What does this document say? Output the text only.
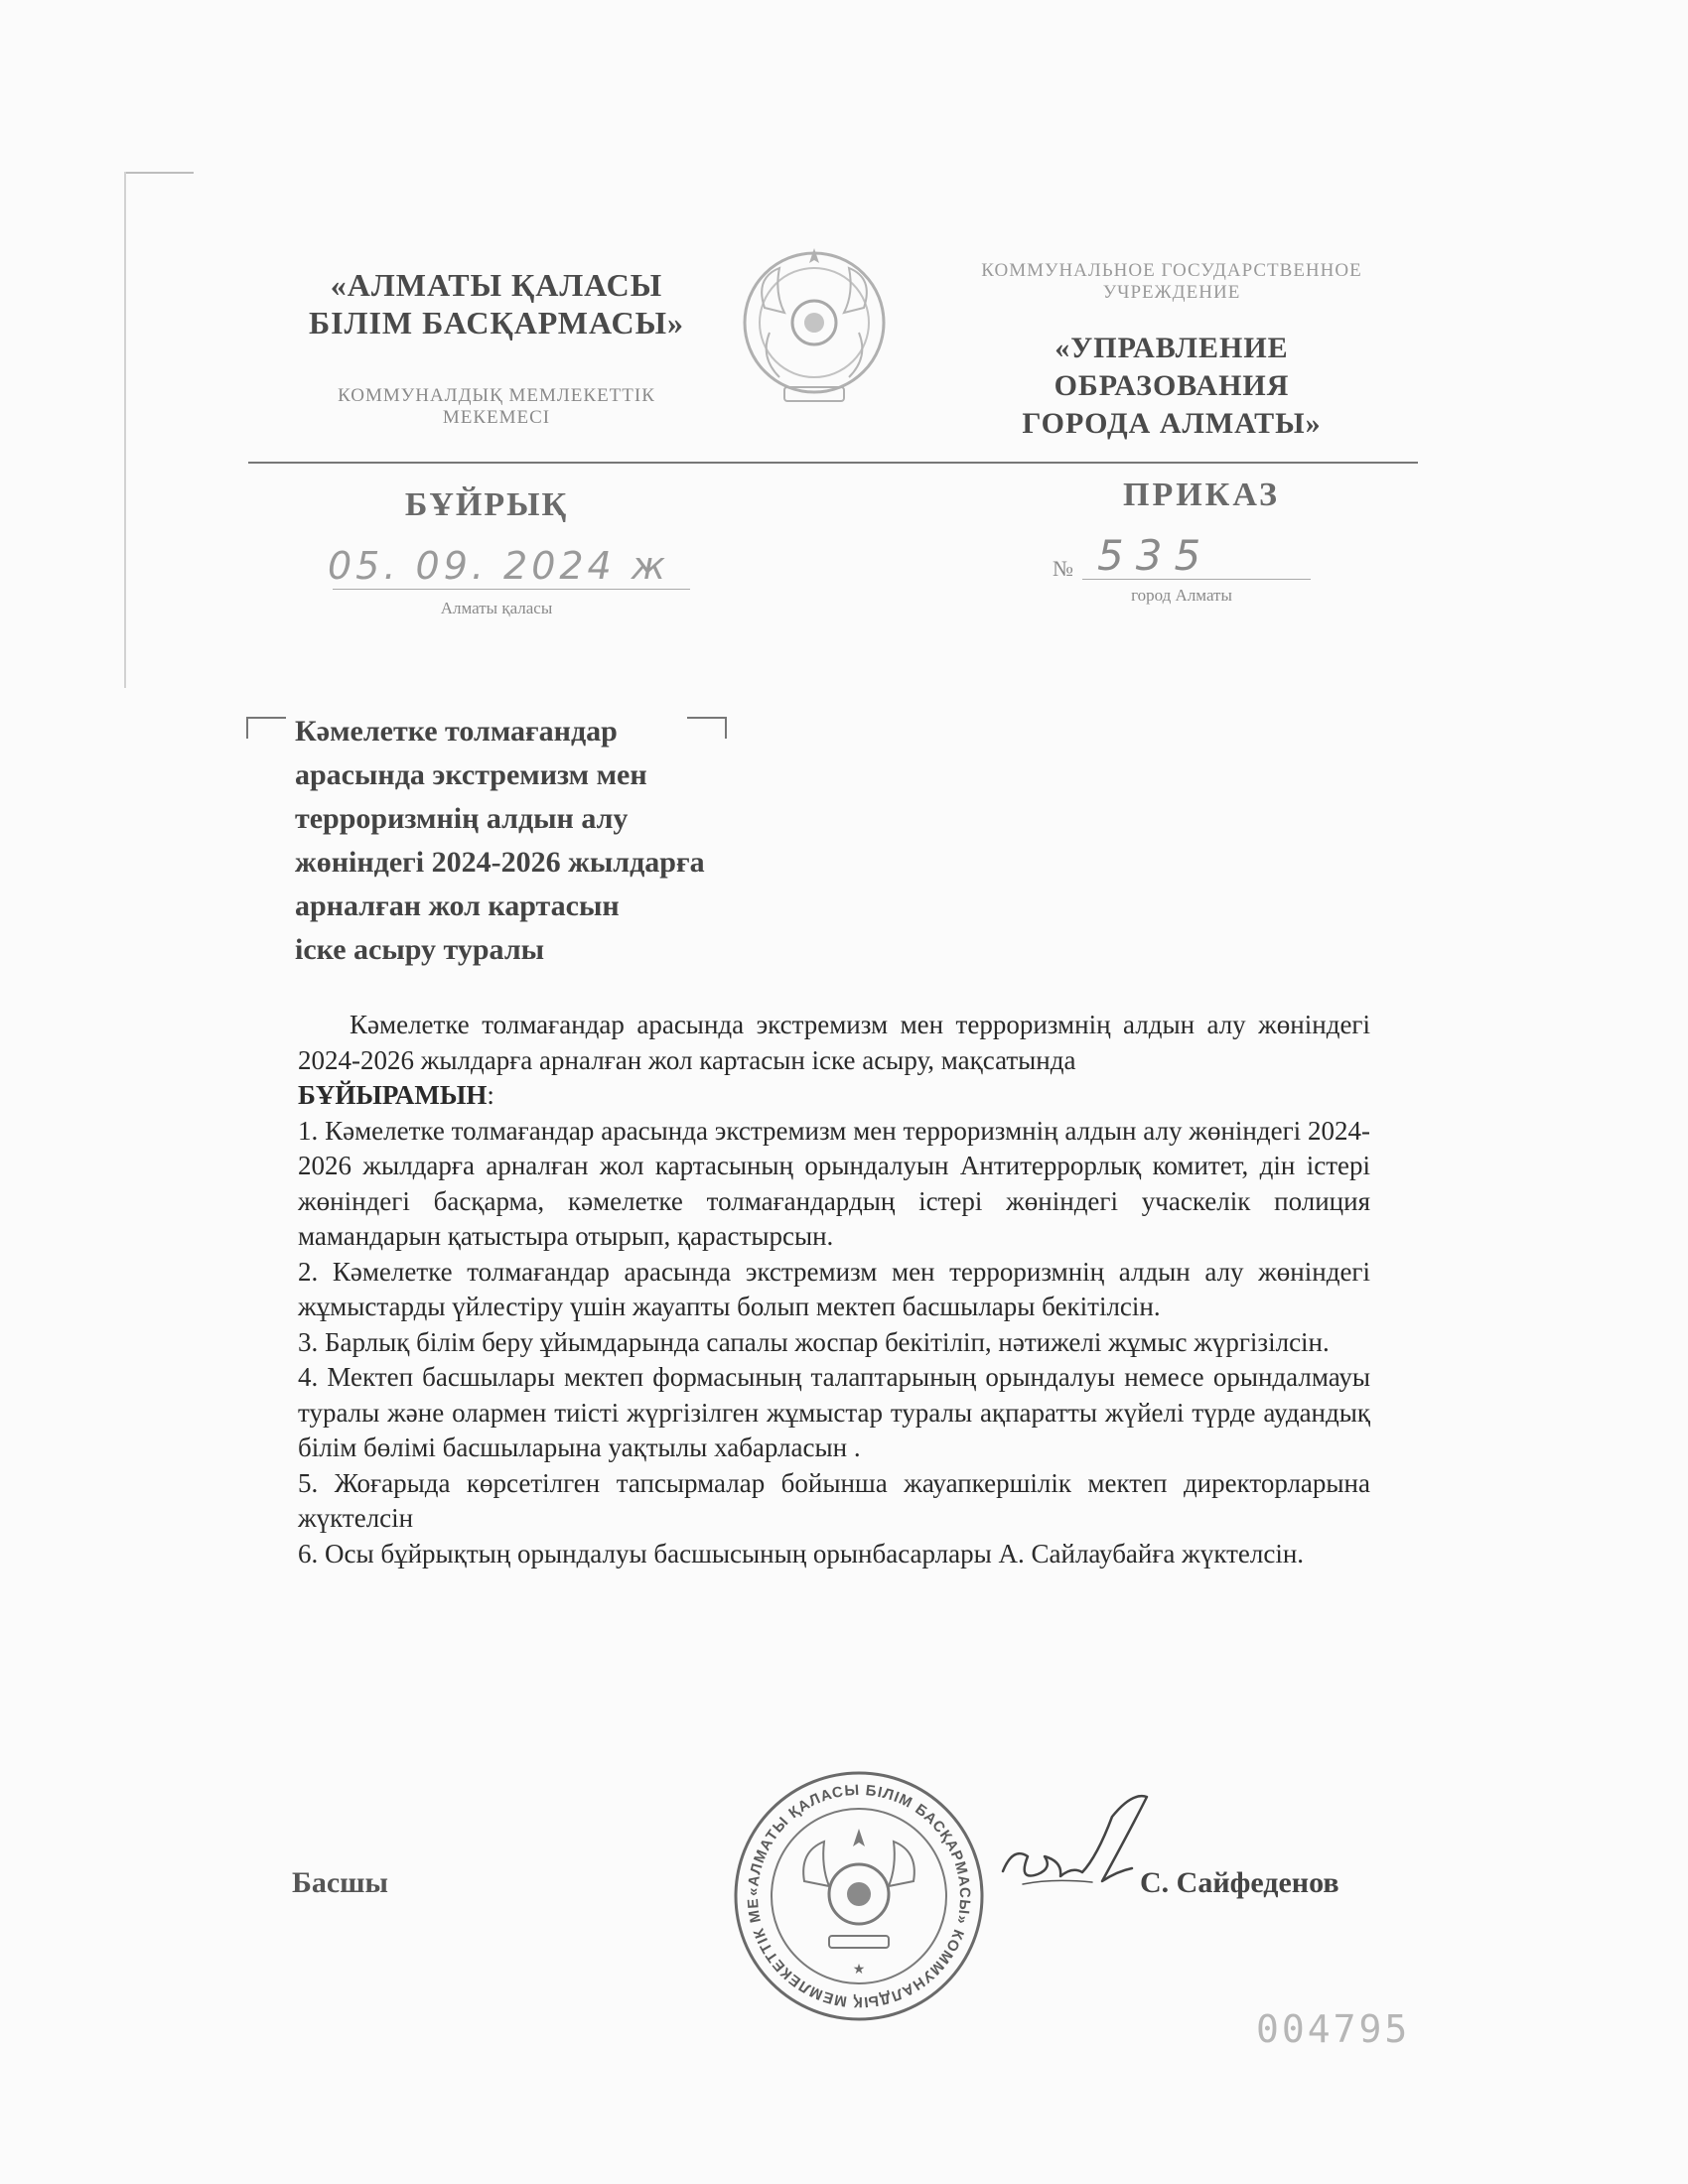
«АЛМАТЫ ҚАЛАСЫ
БІЛІМ БАСҚАРМАСЫ»
КОММУНАЛДЫҚ МЕМЛЕКЕТТІК
МЕКЕМЕСІ
КОММУНАЛЬНОЕ ГОСУДАРСТВЕННОЕ
УЧРЕЖДЕНИЕ
«УПРАВЛЕНИЕ ОБРАЗОВАНИЯ
ГОРОДА АЛМАТЫ»
БҰЙРЫҚ	ПРИКАЗ
05. 09. 2024 ж
Алматы қаласы
№ 535
город Алматы
Кәмелетке толмағандар
арасында экстремизм мен
терроризмнің алдын алу
жөніндегі 2024-2026 жылдарға
арналған жол картасын
іске асыру туралы

Кәмелетке толмағандар арасында экстремизм мен терроризмнің алдын алу жөніндегі 2024-2026 жылдарға арналған жол картасын іске асыру, мақсатында

БҰЙЫРАМЫН:

1. Кәмелетке толмағандар арасында экстремизм мен терроризмнің алдын алу жөніндегі 2024-2026 жылдарға арналған жол картасының орындалуын Антитеррорлық комитет, дін істері жөніндегі басқарма, кәмелетке толмағандардың істері жөніндегі учаскелік полиция мамандарын қатыстыра отырып, қарастырсын.

2. Кәмелетке толмағандар арасында экстремизм мен терроризмнің алдын алу жөніндегі жұмыстарды үйлестіру үшін жауапты болып мектеп басшылары бекітілсін.

3. Барлық білім беру ұйымдарында сапалы жоспар бекітіліп, нәтижелі жұмыс жүргізілсін.

4. Мектеп басшылары мектеп формасының талаптарының орындалуы немесе орындалмауы туралы және олармен тиісті жүргізілген жұмыстар туралы ақпаратты жүйелі түрде аудандық білім бөлімі басшыларына уақтылы хабарласын .

5. Жоғарыда көрсетілген тапсырмалар бойынша жауапкершілік мектеп директорларына жүктелсін

6. Осы бұйрықтың орындалуы басшысының орынбасарлары А. Сайлаубайға жүктелсін.

Басшы	«АЛМАТЫ ҚАЛАСЫ БІЛІМ БАСҚАРМАСЫ» КОММУНАЛДЫҚ МЕМЛЕКЕТТІК МЕКЕМЕСІ • ҚАЗАҚСТАН РЕСПУБЛИКАСЫ АЛМАТЫ ҚАЛАСЫ •
★
С. Сайфеденов
004795
